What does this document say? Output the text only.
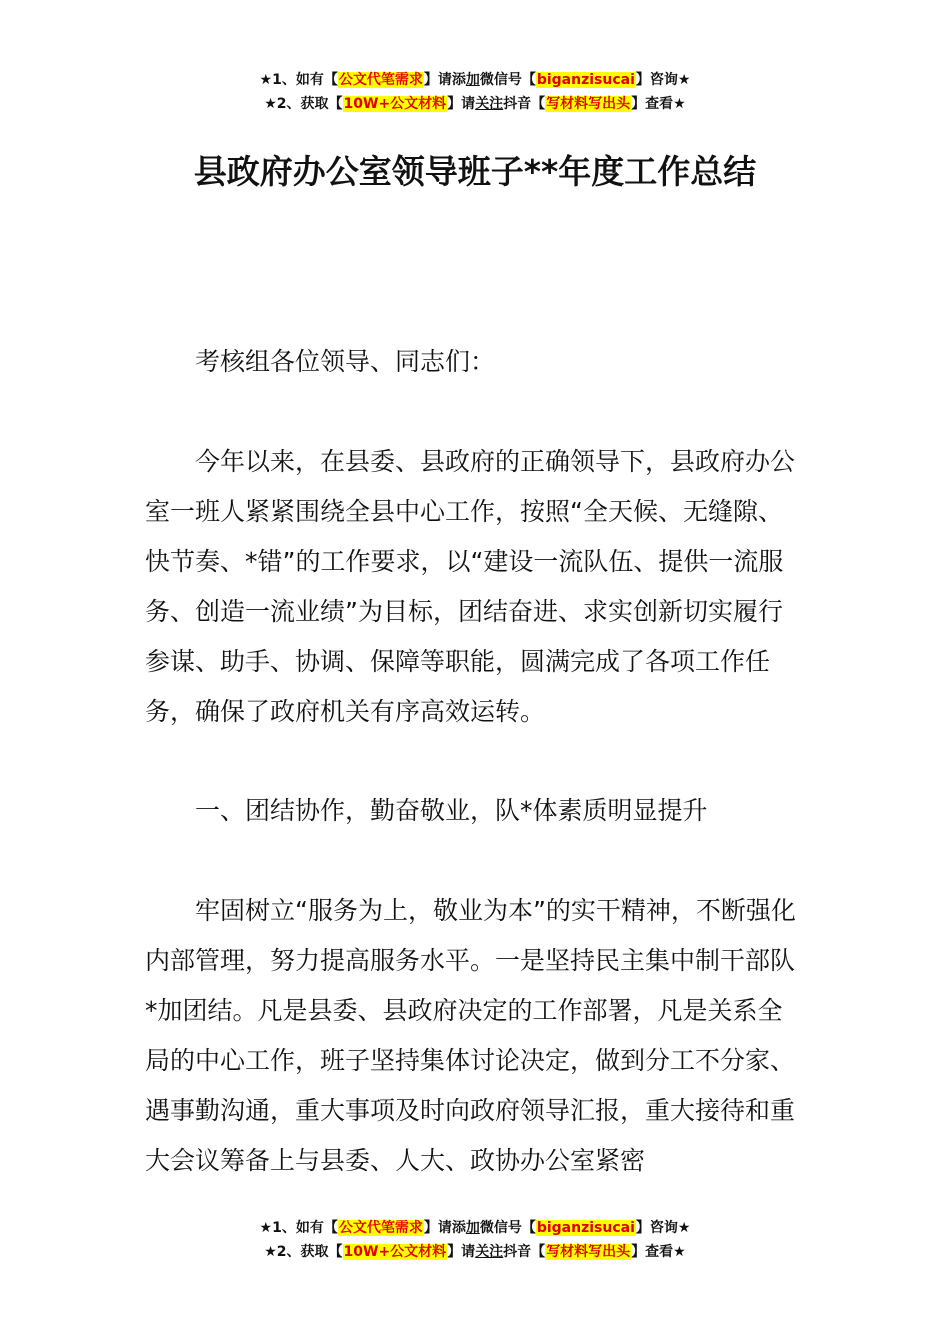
★1、如有【公文代笔需求】请添加微信号【biganzisucai】咨询★
★2、获取【10W+公文材料】请关注抖音【写材料写出头】查看★
县政府办公室领导班子**年度工作总结

考核组各位领导、同志们：

今年以来，在县委、县政府的正确领导下，县政府办公室一班人紧紧围绕全县中心工作，按照“全天候、无缝隙、快节奏、*错”的工作要求，以“建设一流队伍、提供一流服务、创造一流业绩”为目标，团结奋进、求实创新切实履行参谋、助手、协调、保障等职能，圆满完成了各项工作任务，确保了政府机关有序高效运转。

一、团结协作，勤奋敬业，队*体素质明显提升

牢固树立“服务为上，敬业为本”的实干精神，不断强化内部管理，努力提高服务水平。一是坚持民主集中制干部队*加团结。凡是县委、县政府决定的工作部署，凡是关系全局的中心工作，班子坚持集体讨论决定，做到分工不分家、遇事勤沟通，重大事项及时向政府领导汇报，重大接待和重大会议筹备上与县委、人大、政协办公室紧密

★1、如有【公文代笔需求】请添加微信号【biganzisucai】咨询★
★2、获取【10W+公文材料】请关注抖音【写材料写出头】查看★
